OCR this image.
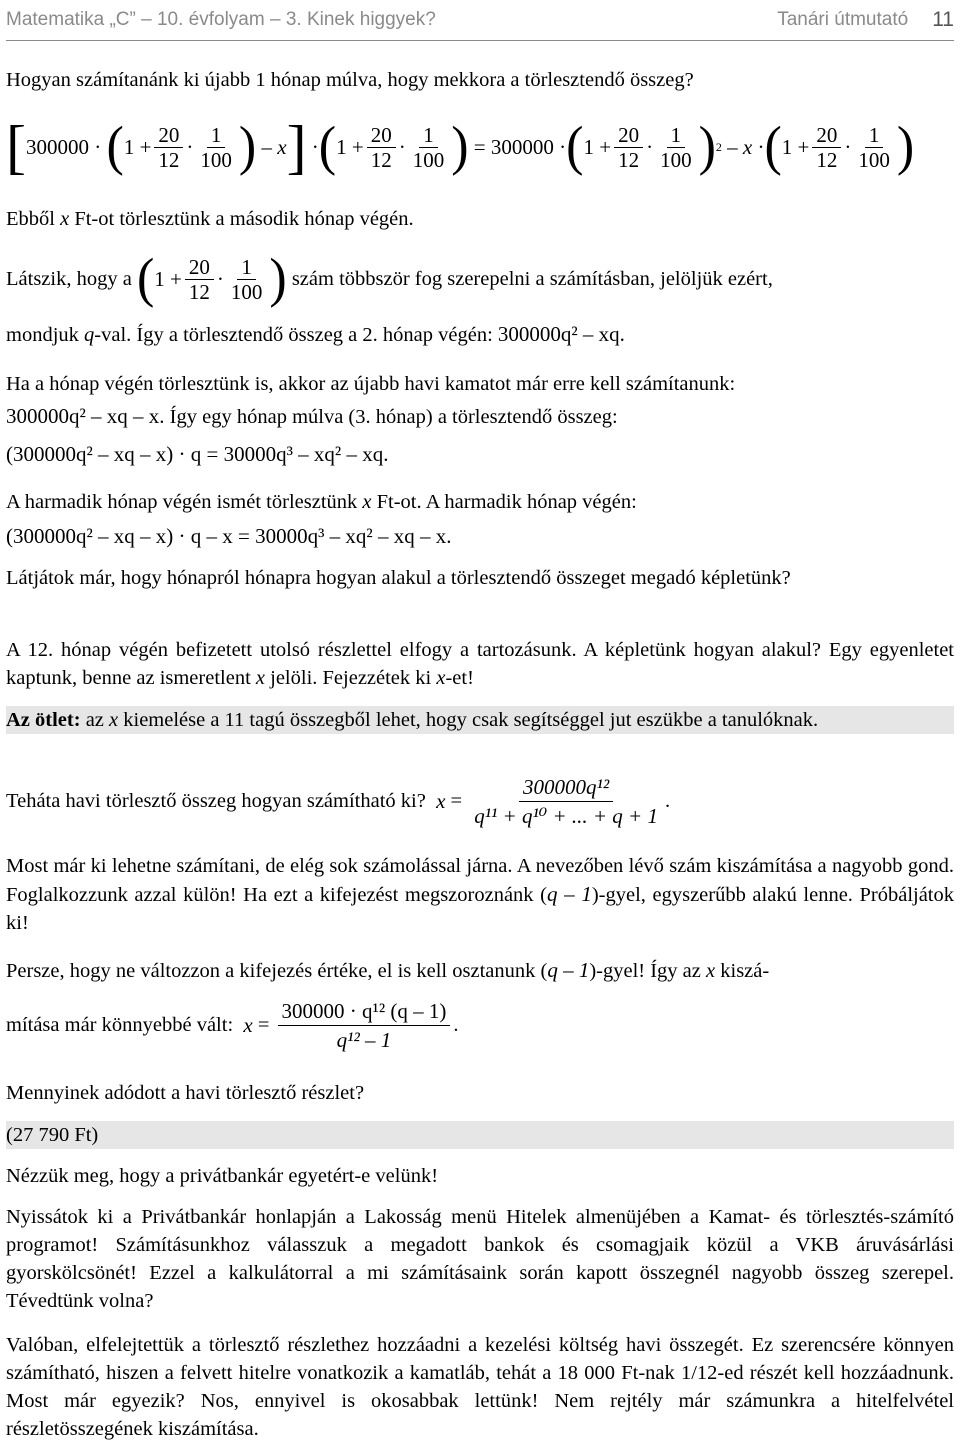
Matematika „C” – 10. évfolyam – 3. Kinek higgyek?	Tanári útmutató 11
Hogyan számítanánk ki újabb 1 hónap múlva, hogy mekkora a törlesztendő összeg?
[ 300000 · ( 1 +
20
12
·
1
100 ) – x ] · ( 1 +
20
12
·
1
100 ) = 300000 · ( 1 +
20
12
·
1
100 ) 2 – x · ( 1 +
20
12
·
1
100 )
Ebből x Ft-ot törlesztünk a második hónap végén.
Látszik, hogy a
( $1 + \frac{20}{12}$ ·
1
100 )
szám többször fog szerepelni a számításban, jelöljük ezért,
mondjuk q-val. Így a törlesztendő összeg a 2. hónap végén: 300000q² – xq.
Ha a hónap végén törlesztünk is, akkor az újabb havi kamatot már erre kell számítanunk:
300000q² – xq – x. Így egy hónap múlva (3. hónap) a törlesztendő összeg:
(300000q² – xq – x) · q = 30000q³ – xq² – xq.
A harmadik hónap végén ismét törlesztünk x Ft-ot. A harmadik hónap végén:
(300000q² – xq – x) · q – x = 30000q³ – xq² – xq – x.
Látjátok már, hogy hónapról hónapra hogyan alakul a törlesztendő összeget megadó képletünk?
A 12. hónap végén befizetett utolsó részlettel elfogy a tartozásunk. A képletünk hogyan alakul? Egy egyenletet kaptunk, benne az ismeretlent x jelöli. Fejezzétek ki x-et!
Az ötlet: az x kiemelése a 11 tagú összegből lehet, hogy csak segítséggel jut eszükbe a tanulóknak.
Teháta havi törlesztő összeg hogyan számítható ki?
x =
300000q¹²
q¹¹ + q¹⁰ + ... + q + 1
.
Most már ki lehetne számítani, de elég sok számolással járna. A nevezőben lévő szám kiszámítása a nagyobb gond. Foglalkozzunk azzal külön! Ha ezt a kifejezést megszoroznánk (q – 1)-gyel, egyszerűbb alakú lenne. Próbáljátok ki!
Persze, hogy ne változzon a kifejezés értéke, el is kell osztanunk (q – 1)-gyel! Így az x kiszá-
mítása már könnyebbé vált:
x =
300000 · q¹² (q – 1)
q¹² – 1
.
Mennyinek adódott a havi törlesztő részlet?
(27 790 Ft)
Nézzük meg, hogy a privátbankár egyetért-e velünk!
Nyissátok ki a Privátbankár honlapján a Lakosság menü Hitelek almenüjében a Kamat- és törlesztés-számító programot! Számításunkhoz válasszuk a megadott bankok és csomagjaik közül a VKB áruvásárlási gyorskölcsönét! Ezzel a kalkulátorral a mi számításaink során kapott összegnél nagyobb összeg szerepel. Tévedtünk volna?
Valóban, elfelejtettük a törlesztő részlethez hozzáadni a kezelési költség havi összegét. Ez szerencsére könnyen számítható, hiszen a felvett hitelre vonatkozik a kamatláb, tehát a 18 000 Ft-nak 1/12-ed részét kell hozzáadnunk. Most már egyezik? Nos, ennyivel is okosabbak lettünk! Nem rejtély már számunkra a hitelfelvétel részletösszegének kiszámítása.
